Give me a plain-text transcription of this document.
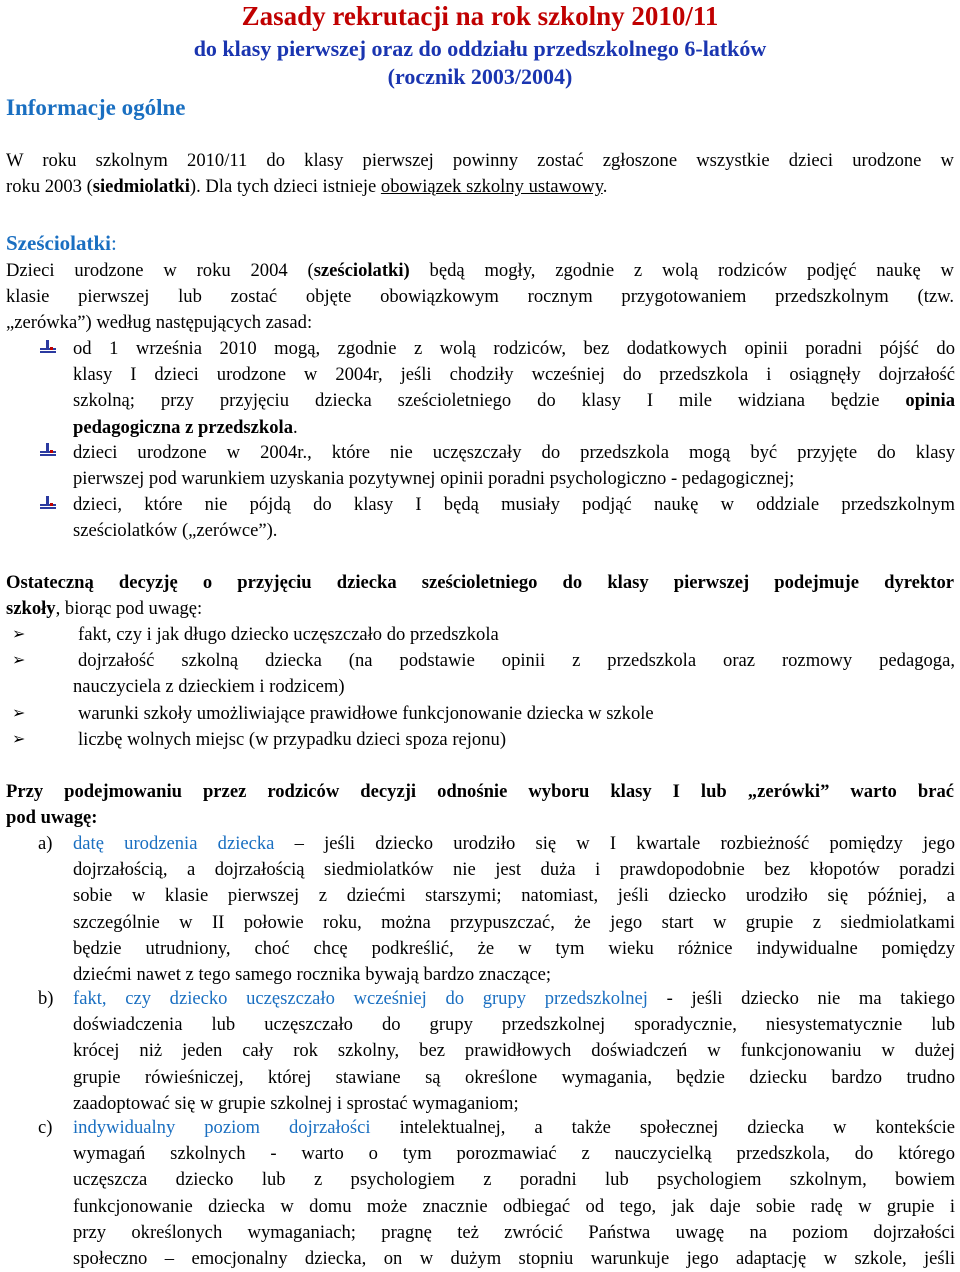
Zasady rekrutacji na rok szkolny 2010/11
do klasy pierwszej oraz do oddziału przedszkolnego 6-latków
(rocznik 2003/2004)
Informacje ogólne
W roku szkolnym 2010/11 do klasy pierwszej powinny zostać zgłoszone wszystkie dzieci urodzone w
roku 2003 (siedmiolatki). Dla tych dzieci istnieje obowiązek szkolny ustawowy.
Sześciolatki:
Dzieci urodzone w roku 2004 (sześciolatki) będą mogły, zgodnie z wolą rodziców podjęć naukę w
klasie pierwszej lub zostać objęte obowiązkowym rocznym przygotowaniem przedszkolnym (tzw.
„zerówka”) według następujących zasad:
od 1 września 2010 mogą, zgodnie z wolą rodziców, bez dodatkowych opinii poradni pójść do
klasy I dzieci urodzone w 2004r, jeśli chodziły wcześniej do przedszkola i osiągnęły dojrzałość
szkolną; przy przyjęciu dziecka sześcioletniego do klasy I mile widziana będzie opinia
pedagogiczna z przedszkola.
dzieci urodzone w 2004r., które nie uczęszczały do przedszkola mogą być przyjęte do klasy
pierwszej pod warunkiem uzyskania pozytywnej opinii poradni psychologiczno - pedagogicznej;
dzieci, które nie pójdą do klasy I będą musiały podjąć naukę w oddziale przedszkolnym
sześciolatków („zerówce”).
Ostateczną decyzję o przyjęciu dziecka sześcioletniego do klasy pierwszej podejmuje dyrektor
szkoły, biorąc pod uwagę:
➢	fakt, czy i jak długo dziecko uczęszczało do przedszkola
➢	dojrzałość szkolną dziecka (na podstawie opinii z przedszkola oraz rozmowy pedagoga,
nauczyciela z dzieckiem i rodzicem)
➢	warunki szkoły umożliwiające prawidłowe funkcjonowanie dziecka w szkole
➢	liczbę wolnych miejsc (w przypadku dzieci spoza rejonu)
Przy podejmowaniu przez rodziców decyzji odnośnie wyboru klasy I lub „zerówki” warto brać
pod uwagę:
a) datę urodzenia dziecka – jeśli dziecko urodziło się w I kwartale rozbieżność pomiędzy jego
dojrzałością, a dojrzałością siedmiolatków nie jest duża i prawdopodobnie bez kłopotów poradzi
sobie w klasie pierwszej z dziećmi starszymi; natomiast, jeśli dziecko urodziło się później, a
szczególnie w II połowie roku, można przypuszczać, że jego start w grupie z siedmiolatkami
będzie utrudniony, choć chcę podkreślić, że w tym wieku różnice indywidualne pomiędzy
dziećmi nawet z tego samego rocznika bywają bardzo znaczące;
b) fakt, czy dziecko uczęszczało wcześniej do grupy przedszkolnej - jeśli dziecko nie ma takiego
doświadczenia lub uczęszczało do grupy przedszkolnej sporadycznie, niesystematycznie lub
krócej niż jeden cały rok szkolny, bez prawidłowych doświadczeń w funkcjonowaniu w dużej
grupie rówieśniczej, której stawiane są określone wymagania, będzie dziecku bardzo trudno
zaadoptować się w grupie szkolnej i sprostać wymaganiom;
c) indywidualny poziom dojrzałości intelektualnej, a także społecznej dziecka w kontekście
wymagań szkolnych - warto o tym porozmawiać z nauczycielką przedszkola, do którego
uczęszcza dziecko lub z psychologiem z poradni lub psychologiem szkolnym, bowiem
funkcjonowanie dziecka w domu może znacznie odbiegać od tego, jak daje sobie radę w grupie i
przy określonych wymaganiach; pragnę też zwrócić Państwa uwagę na poziom dojrzałości
społeczno – emocjonalny dziecka, on w dużym stopniu warunkuje jego adaptację w szkole, jeśli
